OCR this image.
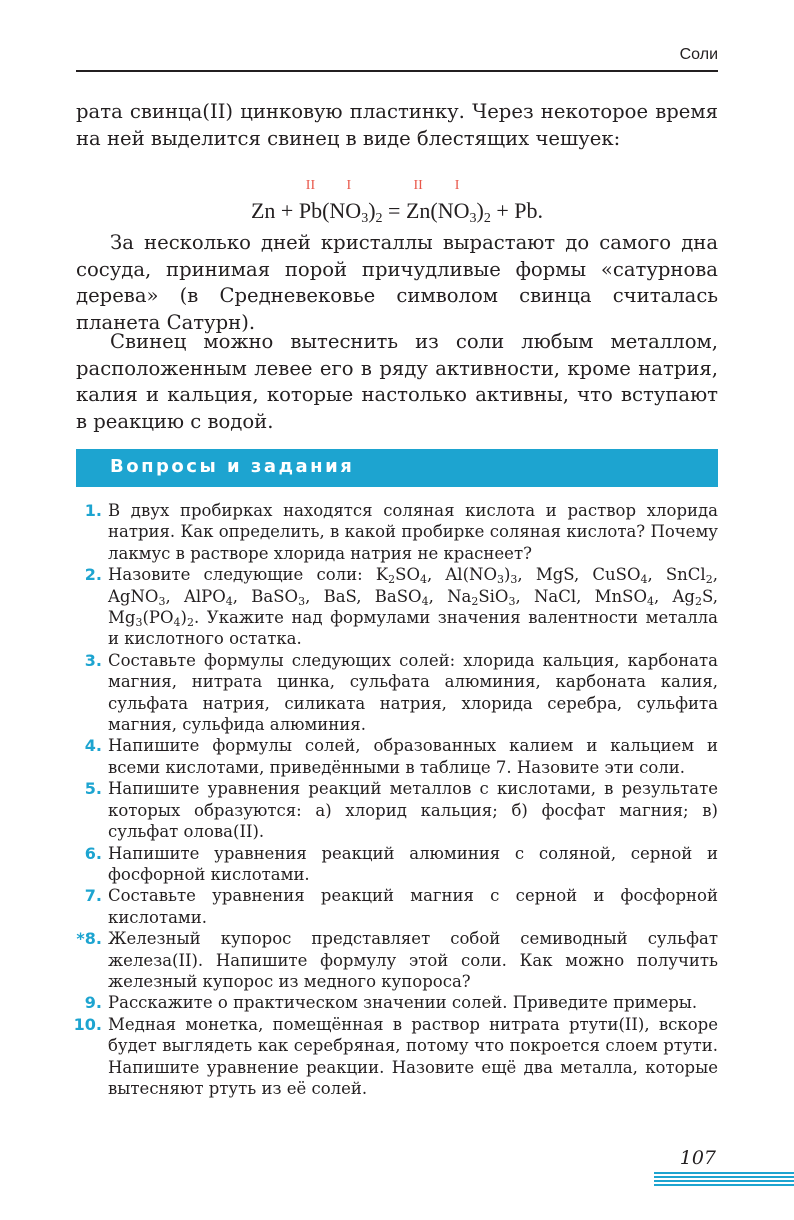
Соли

рата свинца(II) цинковую пластинку. Через некоторое время на ней выделится свинец в виде блестящих чешуек:

II I	II I
$Zn + Pb(NO_3)_2 = Zn(NO_3)_2 + Pb$.

За несколько дней кристаллы вырастают до самого дна сосуда, принимая порой причудливые формы «сатурнова дерева» (в Средневековье символом свинца считалась планета Сатурн).

Свинец можно вытеснить из соли любым металлом, расположенным левее его в ряду активности, кроме натрия, калия и кальция, которые настолько активны, что вступают в реакцию с водой.

Вопросы и задания
1. В двух пробирках находятся соляная кислота и раствор хлорида натрия. Как определить, в какой пробирке соляная кислота? Почему лакмус в растворе хлорида натрия не краснеет?
2. Назовите следующие соли: $K_2SO_4$, $Al(NO_3)_3$, MgS, CuSO$_4$, SnCl$_2$, AgNO$_3$, AlPO$_4$, BaSO$_3$, BaS, BaSO$_4$, $Na_2SiO_3$, NaCl, MnSO$_4$, $Ag_2S$, $Mg_3(PO_4)_2$. Укажите над формулами значения валентности металла и кислотного остатка.
3. Составьте формулы следующих солей: хлорида кальция, карбоната магния, нитрата цинка, сульфата алюминия, карбоната калия, сульфата натрия, силиката натрия, хлорида серебра, сульфита магния, сульфида алюминия.
4. Напишите формулы солей, образованных калием и кальцием и всеми кислотами, приведёнными в таблице 7. Назовите эти соли.
5. Напишите уравнения реакций металлов с кислотами, в результате которых образуются: а) хлорид кальция; б) фосфат магния; в) сульфат олова(II).
6. Напишите уравнения реакций алюминия с соляной, серной и фосфорной кислотами.
7. Составьте уравнения реакций магния с серной и фосфорной кислотами.
*8. Железный купорос представляет собой семиводный сульфат железа(II). Напишите формулу этой соли. Как можно получить железный купорос из медного купороса?
9. Расскажите о практическом значении солей. Приведите примеры.
10. Медная монетка, помещённая в раствор нитрата ртути(II), вскоре будет выглядеть как серебряная, потому что покроется слоем ртути. Напишите уравнение реакции. Назовите ещё два металла, которые вытесняют ртуть из её солей.
107
